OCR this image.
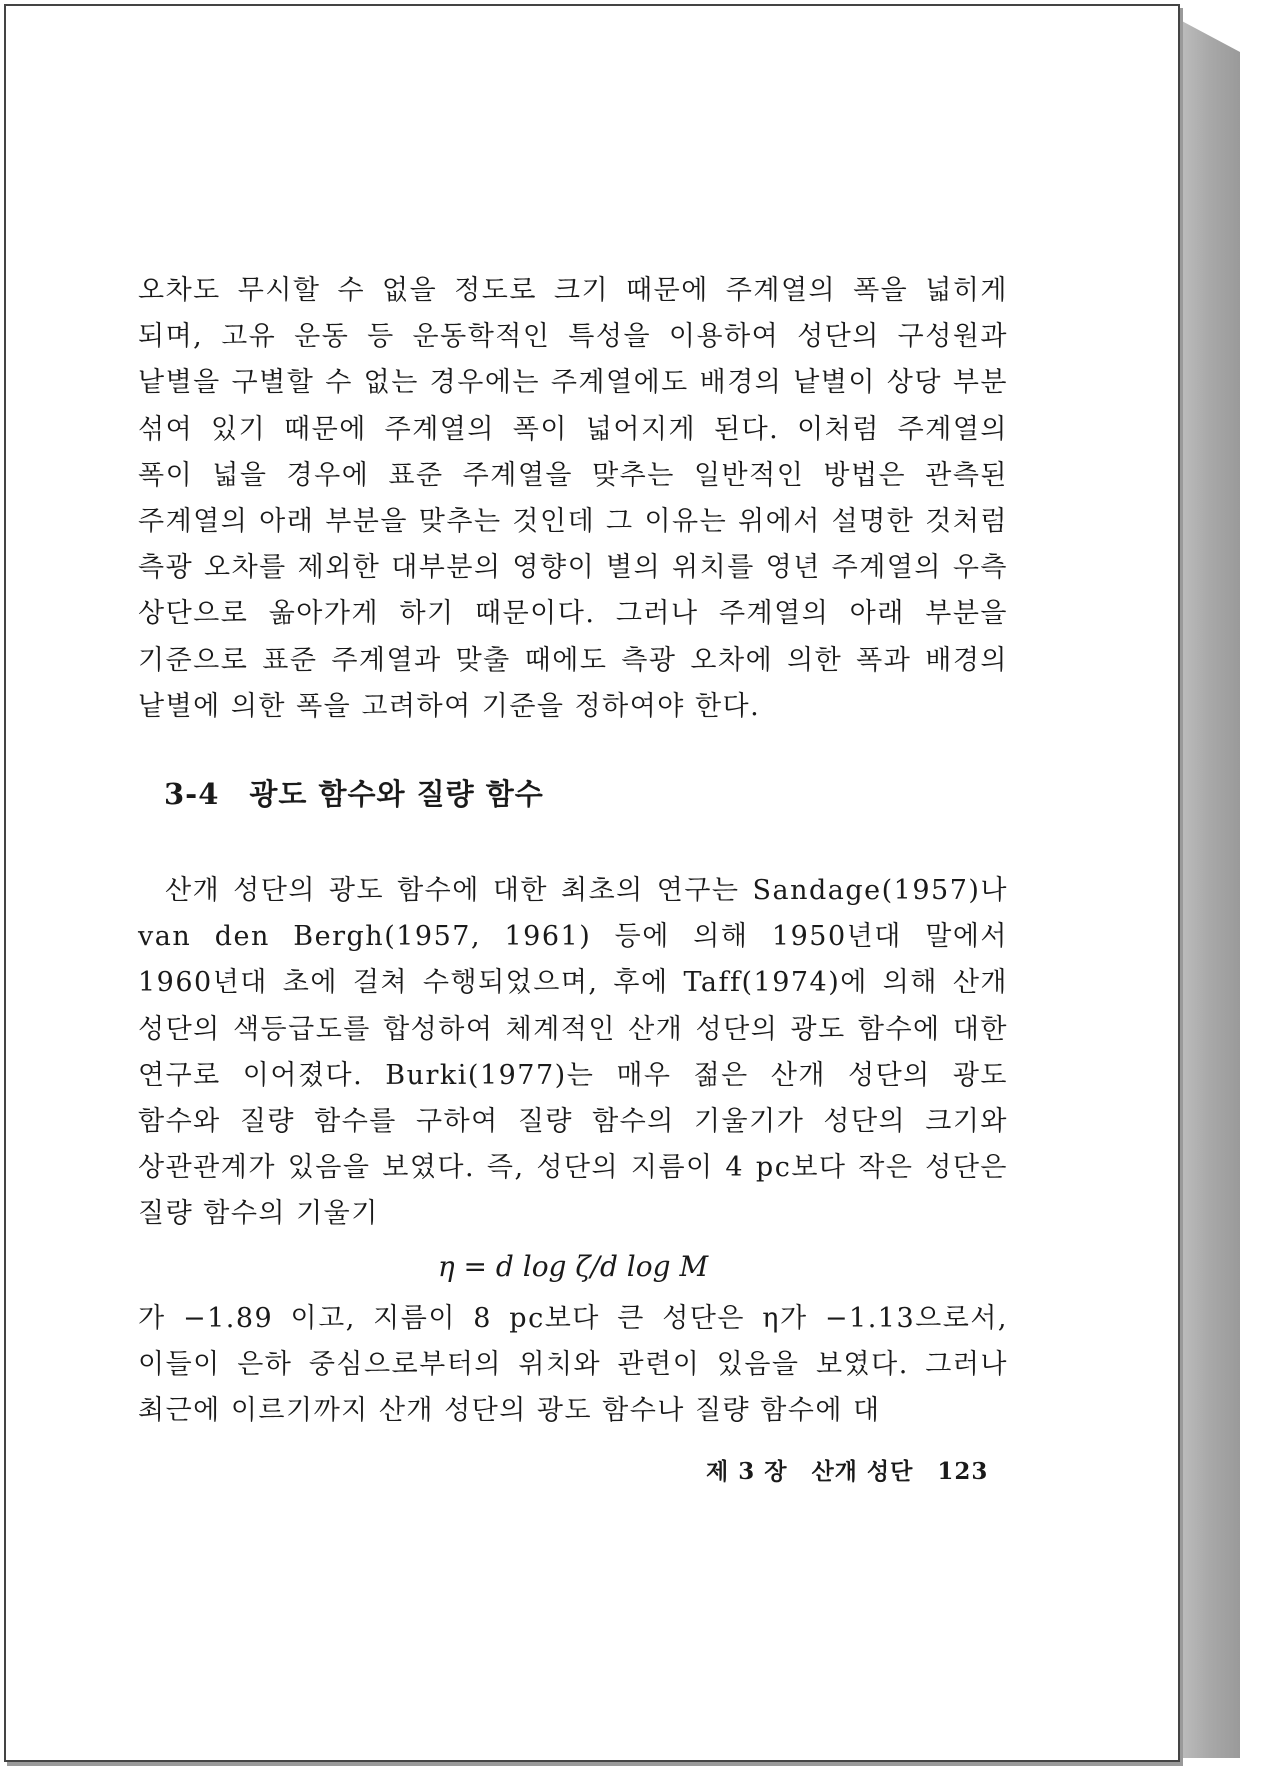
오차도 무시할 수 없을 정도로 크기 때문에 주계열의 폭을 넓히게 되며, 고유 운동 등 운동학적인 특성을 이용하여 성단의 구성원과 낱별을 구별할 수 없는 경우에는 주계열에도 배경의 낱별이 상당 부분 섞여 있기 때문에 주계열의 폭이 넓어지게 된다. 이처럼 주계열의 폭이 넓을 경우에 표준 주계열을 맞추는 일반적인 방법은 관측된 주계열의 아래 부분을 맞추는 것인데 그 이유는 위에서 설명한 것처럼 측광 오차를 제외한 대부분의 영향이 별의 위치를 영년 주계열의 우측 상단으로 옮아가게 하기 때문이다. 그러나 주계열의 아래 부분을 기준으로 표준 주계열과 맞출 때에도 측광 오차에 의한 폭과 배경의 낱별에 의한 폭을 고려하여 기준을 정하여야 한다.

3-4 광도 함수와 질량 함수

산개 성단의 광도 함수에 대한 최초의 연구는 Sandage(1957)나 van den Bergh(1957, 1961) 등에 의해 1950년대 말에서 1960년대 초에 걸쳐 수행되었으며, 후에 Taff(1974)에 의해 산개 성단의 색등급도를 합성하여 체계적인 산개 성단의 광도 함수에 대한 연구로 이어졌다. Burki(1977)는 매우 젊은 산개 성단의 광도 함수와 질량 함수를 구하여 질량 함수의 기울기가 성단의 크기와 상관관계가 있음을 보였다. 즉, 성단의 지름이 4 pc보다 작은 성단은 질량 함수의 기울기

η = d log ζ/d log M

가 −1.89 이고, 지름이 8 pc보다 큰 성단은 η가 −1.13으로서, 이들이 은하 중심으로부터의 위치와 관련이 있음을 보였다. 그러나 최근에 이르기까지 산개 성단의 광도 함수나 질량 함수에 대

제 3 장 산개 성단 123
